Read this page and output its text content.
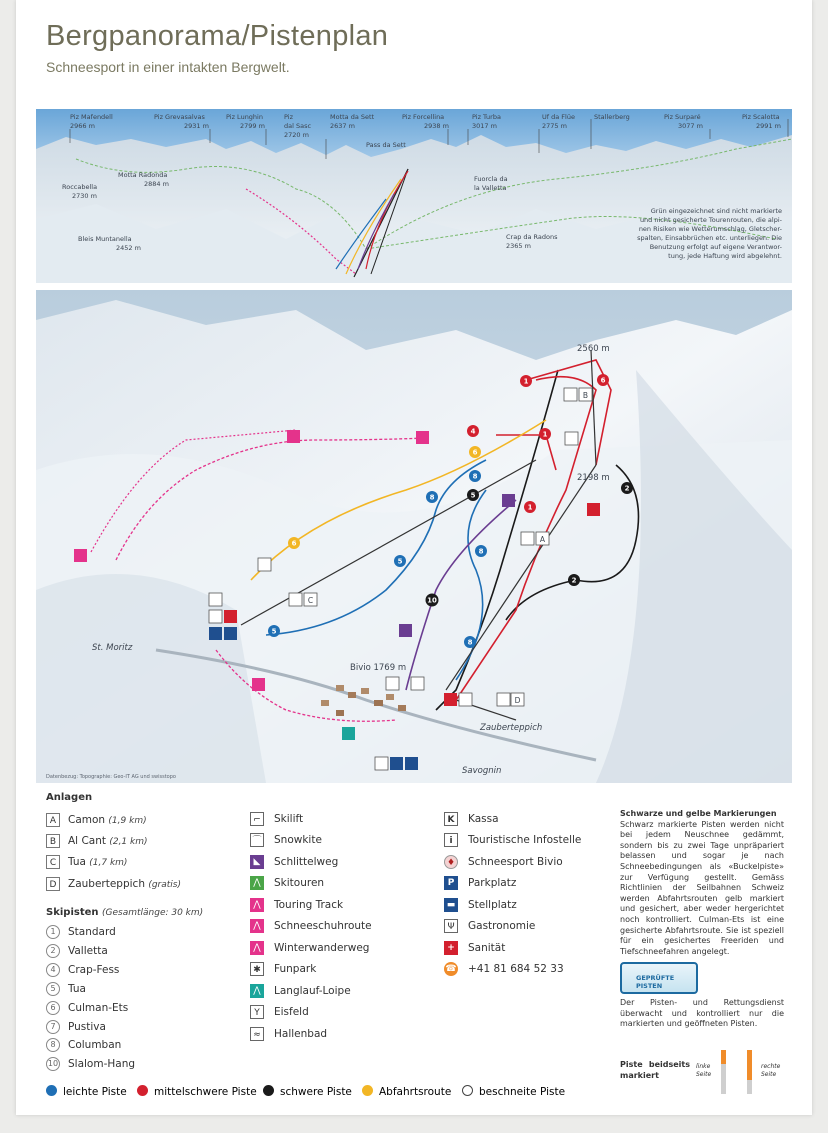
Bergpanorama/Pistenplan
Schneesport in einer intakten Bergwelt.
Piz Mafendell
2966 m
Piz Grevasalvas
2931 m
Piz Lunghin
2799 m
Piz
dal Sasc
2720 m
Motta da Sett
2637 m
Piz Forcellina
2938 m
Piz Turba
3017 m
Uf da Flüe
2775 m
Stallerberg	Piz Surparé
3077 m
Piz Scalotta
2991 m
Pass da Sett
Motta Radonda
2884 m
Roccabella
2730 m
Fuorcla da
la Valletta
Crap da Radons
2365 m
Bleis Muntanella
2452 m
Grün eingezeichnet sind nicht markierte
und nicht gesicherte Tourenrouten, die alpi-
nen Risiken wie Wetterumschlag, Gletscher-
spalten, Einsabbrüchen etc. unterliegen. Die
Benutzung erfolgt auf eigene Verantwor-
tung, jede Haftung wird abgelehnt.
1	6
4	1
6
8
8	5
1
2
6
5
8
2
10
5
8
B
A
C
D
2560 m
2198 m
Bivio 1769 m
St. Moritz
Zauberteppich
Savognin
Datenbezug: Topographie: Geo-IT AG und swisstopo
Anlagen
A Camon (1,9 km)
B Al Cant (2,1 km)
C Tua (1,7 km)
D Zauberteppich (gratis)
Skipisten (Gesamtlänge: 30 km)
1 Standard
2 Valletta
4 Crap-Fess
5 Tua
6 Culman-Ets
7 Pustiva
8 Columban
10 Slalom-Hang
⌐ Skilift
⌒ Snowkite
◣ Schlittelweg
⋀ Skitouren
⋀ Touring Track
⋀ Schneeschuhroute
⋀ Winterwanderweg
✱ Funpark
⋀ Langlauf-Loipe
Y Eisfeld
≈ Hallenbad
K Kassa
i Touristische Infostelle
♦ Schneesport Bivio
P Parkplatz
▬ Stellplatz
Ψ Gastronomie
+ Sanität
☎ +41 81 684 52 33
leichte Piste	mittelschwere Piste	schwere Piste	Abfahrtsroute	beschneite Piste
Schwarze und gelbe Markierungen
Schwarz markierte Pisten werden nicht bei jedem Neuschnee gedämmt, sondern bis zu zwei Tage unpräpariert belassen und sogar je nach Schneebedingungen als «Buckelpiste» zur Verfügung gestellt. Gemäss Richtlinien der Seilbahnen Schweiz werden Abfahrtsrouten gelb markiert und gesichert, aber weder hergerichtet noch kontrolliert. Culman-Ets ist eine gesicherte Abfahrtsroute. Sie ist speziell für ein gesichertes Freeriden und Tiefschneefahren angelegt.
GEPRÜFTE PISTEN
Der Pisten- und Rettungsdienst überwacht und kontrolliert nur die markierten und geöffneten Pisten.
Piste beidseits markiert
linke Seite
rechte Seite
